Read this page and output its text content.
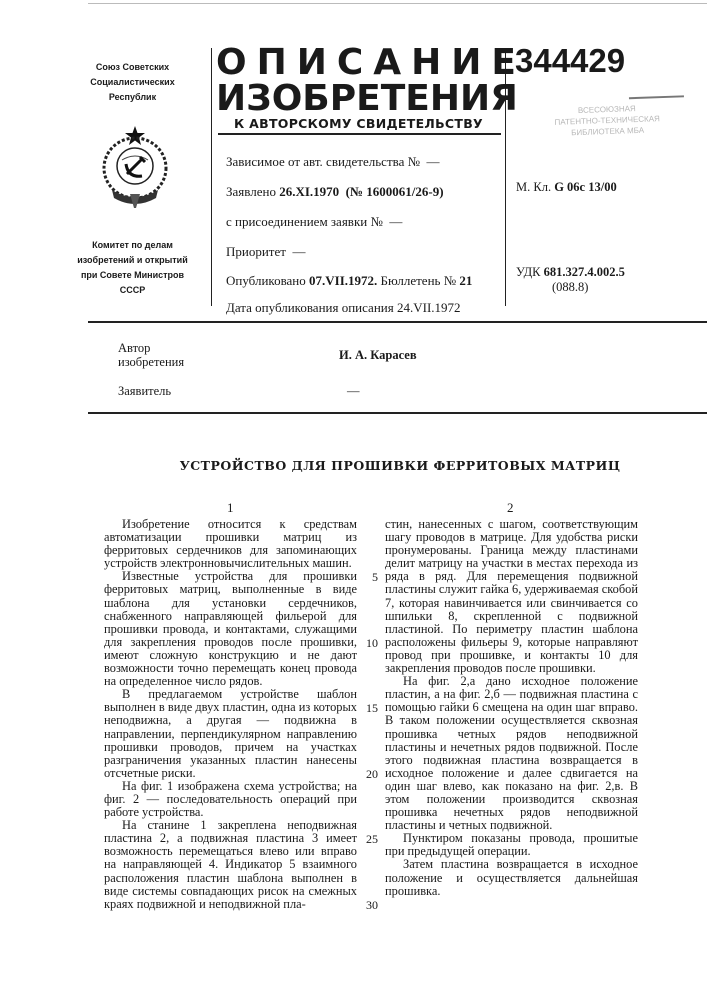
Союз Советских
Социалистических
Республик
Комитет по делам
изобретений и открытий
при Совете Министров
СССР
ОПИСАНИЕ
ИЗОБРЕТЕНИЯ
К АВТОРСКОМУ СВИДЕТЕЛЬСТВУ
344429
ВСЕСОЮЗНАЯ
ПАТЕНТНО-ТЕХНИЧЕСКАЯ
БИБЛИОТЕКА МБА
Зависимое от авт. свидетельства № —
Заявлено 26.XI.1970 (№ 1600061/26-9)
с присоединением заявки № —
Приоритет —
Опубликовано 07.VII.1972. Бюллетень № 21
Дата опубликования описания 24.VII.1972
М. Кл. G 06с 13/00
УДК 681.327.4.002.5
(088.8)
Автор
изобретения	И. А. Карасев
Заявитель	—
УСТРОЙСТВО ДЛЯ ПРОШИВКИ ФЕРРИТОВЫХ МАТРИЦ
1	2

Изобретение относится к средствам автоматизации прошивки матриц из ферритовых сердечников для запоминающих устройств электронновычислительных машин.

Известные устройства для прошивки ферритовых матриц, выполненные в виде шаблона для установки сердечников, снабженного направляющей фильерой для прошивки провода, и контактами, служащими для закрепления проводов после прошивки, имеют сложную конструкцию и не дают возможности точно перемещать конец провода на определенное число рядов.

В предлагаемом устройстве шаблон выполнен в виде двух пластин, одна из которых неподвижна, а другая — подвижна в направлении, перпендикулярном направлению прошивки проводов, причем на участках разграничения указанных пластин нанесены отсчетные риски.

На фиг. 1 изображена схема устройства; на фиг. 2 — последовательность операций при работе устройства.

На станине 1 закреплена неподвижная пластина 2, а подвижная пластина 3 имеет возможность перемещаться влево или вправо на направляющей 4. Индикатор 5 взаимного расположения пластин шаблона выполнен в виде системы совпадающих рисок на смежных краях подвижной и неподвижной пла-

стин, нанесенных с шагом, соответствующим шагу проводов в матрице. Для удобства риски пронумерованы. Граница между пластинами делит матрицу на участки в местах перехода из ряда в ряд. Для перемещения подвижной пластины служит гайка 6, удерживаемая скобой 7, которая навинчивается или свинчивается со шпильки 8, скрепленной с подвижной пластиной. По периметру пластин шаблона расположены фильеры 9, которые направляют провод при прошивке, и контакты 10 для закрепления проводов после прошивки.

На фиг. 2,а дано исходное положение пластин, а на фиг. 2,б — подвижная пластина с помощью гайки 6 смещена на один шаг вправо. В таком положении осуществляется сквозная прошивка четных рядов неподвижной пластины и нечетных рядов подвижной. После этого подвижная пластина возвращается в исходное положение и далее сдвигается на один шаг влево, как показано на фиг. 2,в. В этом положении производится сквозная прошивка нечетных рядов неподвижной пластины и четных подвижной.

Пунктиром показаны провода, прошитые при предыдущей операции.

Затем пластина возвращается в исходное положение и осуществляется дальнейшая прошивка.

5
10
15
20
25
30
